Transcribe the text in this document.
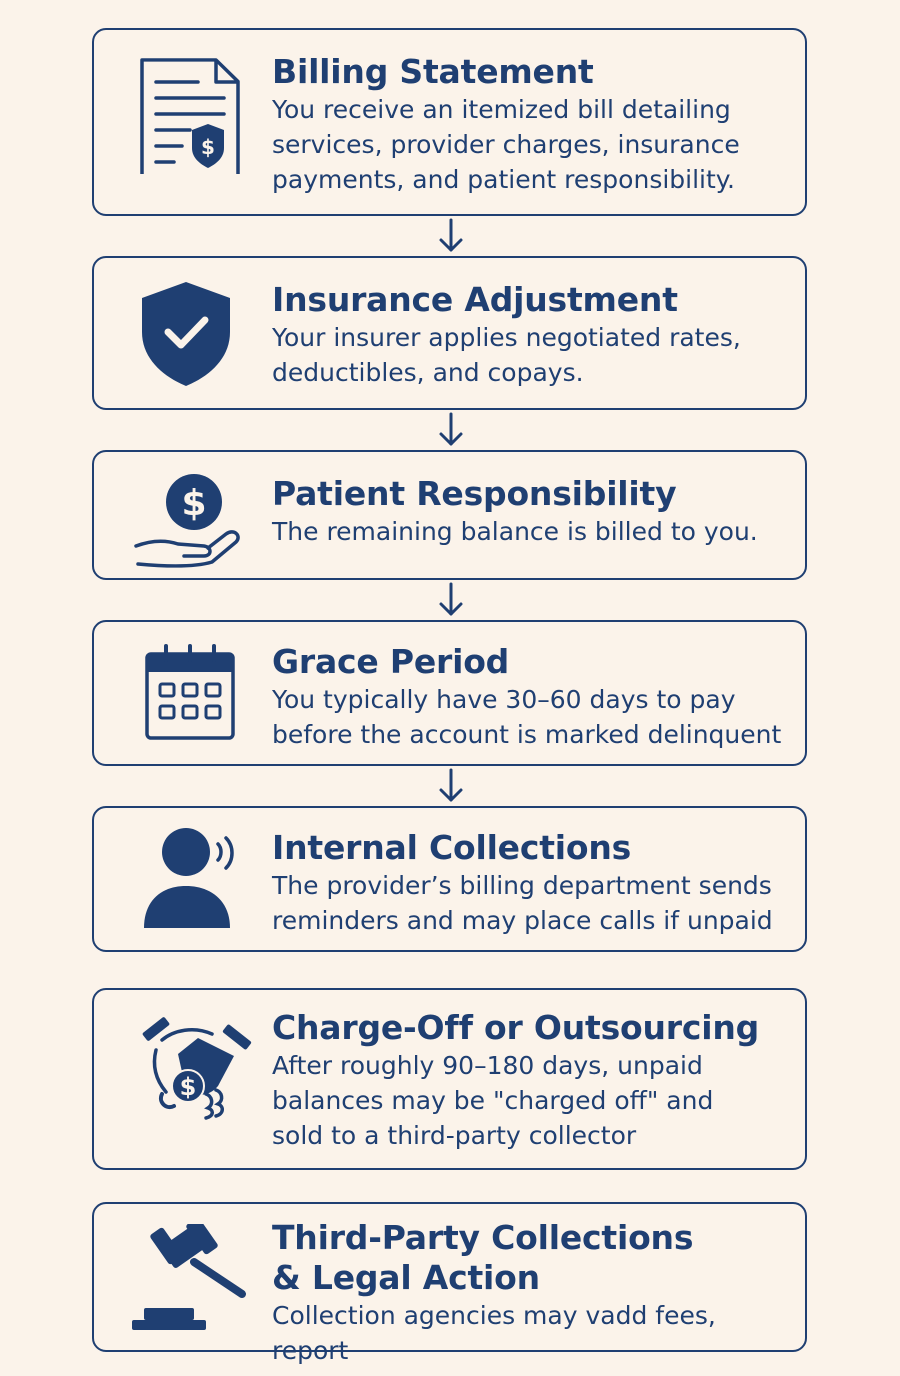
$
Billing Statement
You receive an itemized bill detailing
services, provider charges, insurance
payments, and patient responsibility.
Insurance Adjustment
Your insurer applies negotiated rates,
deductibles, and copays.
$ Patient Responsibility
The remaining balance is billed to you.
Grace Period
You typically have 30–60 days to pay
before the account is marked delinquent
Internal Collections
The provider’s billing department sends
reminders and may place calls if unpaid
$
Charge-Off or Outsourcing
After roughly 90–180 days, unpaid
balances may be "charged off" and
sold to a third-party collector
Third-Party Collections
& Legal Action
Collection agencies may vadd fees, report
